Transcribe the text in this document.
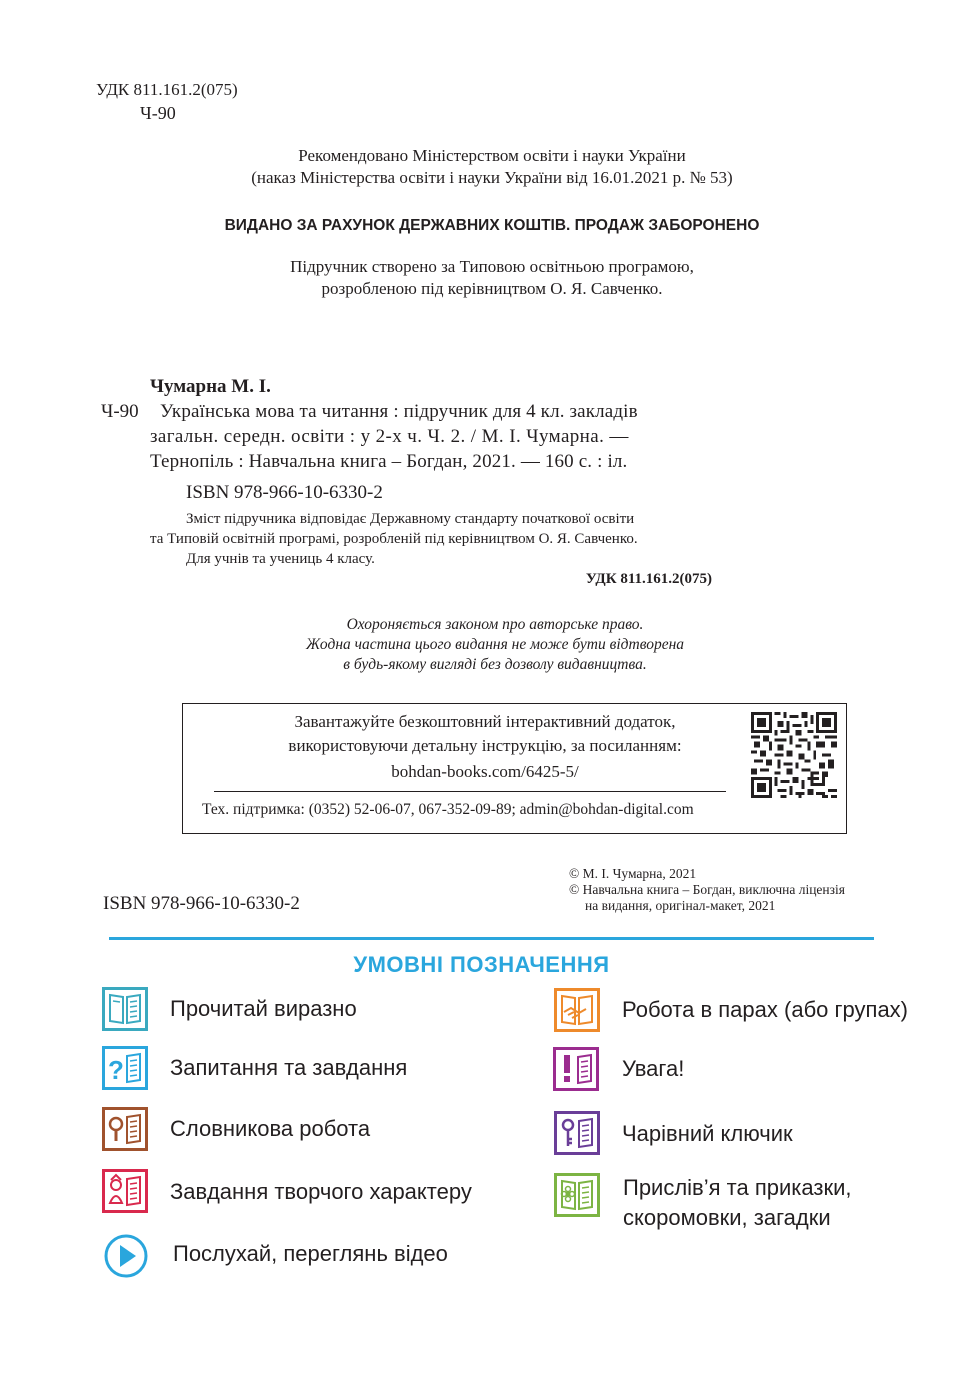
УДК 811.161.2(075)
Ч-90
Рекомендовано Міністерством освіти і науки України
(наказ Міністерства освіти і науки України від 16.01.2021 р. № 53)
ВИДАНО ЗА РАХУНОК ДЕРЖАВНИХ КОШТІВ. ПРОДАЖ ЗАБОРОНЕНО
Підручник створено за Типовою освітньою програмою,
розробленою під керівництвом О. Я. Савченко.
Чумарна М. І.
Ч-90 Українська мова та читання : підручник для 4 кл. закладів
загальн. середн. освіти : у 2-х ч. Ч. 2. / М. І. Чумарна. —
Тернопіль : Навчальна книга – Богдан, 2021. — 160 с. : іл.
ISBN 978-966-10-6330-2
Зміст підручника відповідає Державному стандарту початкової освіти
та Типовій освітній програмі, розробленій під керівництвом О. Я. Савченко.
Для учнів та учениць 4 класу.
УДК 811.161.2(075)
Охороняється законом про авторське право.
Жодна частина цього видання не може бути відтворена
в будь-якому вигляді без дозволу видавництва.
Завантажуйте безкоштовний інтерактивний додаток,
використовуючи детальну інструкцію, за посиланням:
bohdan-books.com/6425-5/
Тех. підтримка: (0352) 52-06-07, 067-352-09-89; admin@bohdan-digital.com
ISBN 978-966-10-6330-2
© М. І. Чумарна, 2021
© Навчальна книга – Богдан, виключна ліцензія
на видання, оригінал-макет, 2021
УМОВНІ ПОЗНАЧЕННЯ
Прочитай виразно
? Запитання та завдання
Словникова робота
Завдання творчого характеру
Послухай, переглянь відео
Робота в парах (або групах)
Увага!
Чарівний ключик
Прислів’я та приказки,
скоромовки, загадки
